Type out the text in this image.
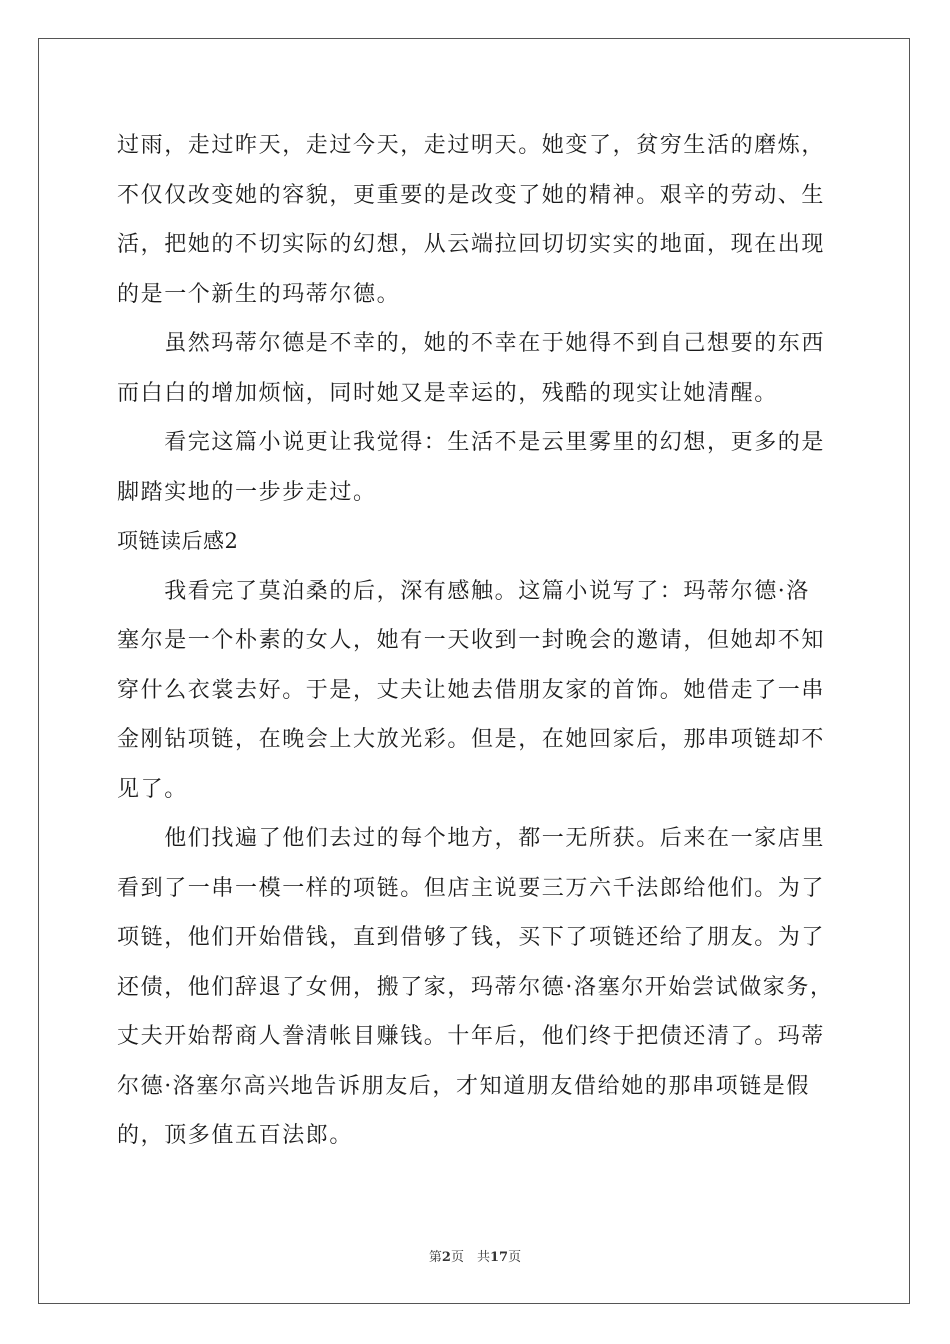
过雨，走过昨天，走过今天，走过明天。她变了，贫穷生活的磨炼，
不仅仅改变她的容貌，更重要的是改变了她的精神。艰辛的劳动、生
活，把她的不切实际的幻想，从云端拉回切切实实的地面，现在出现
的是一个新生的玛蒂尔德。
　　虽然玛蒂尔德是不幸的，她的不幸在于她得不到自己想要的东西
而白白的增加烦恼，同时她又是幸运的，残酷的现实让她清醒。
　　看完这篇小说更让我觉得：生活不是云里雾里的幻想，更多的是
脚踏实地的一步步走过。
项链读后感2
　　我看完了莫泊桑的后，深有感触。这篇小说写了：玛蒂尔德·洛
塞尔是一个朴素的女人，她有一天收到一封晚会的邀请，但她却不知
穿什么衣裳去好。于是，丈夫让她去借朋友家的首饰。她借走了一串
金刚钻项链，在晚会上大放光彩。但是，在她回家后，那串项链却不
见了。
　　他们找遍了他们去过的每个地方，都一无所获。后来在一家店里
看到了一串一模一样的项链。但店主说要三万六千法郎给他们。为了
项链，他们开始借钱，直到借够了钱，买下了项链还给了朋友。为了
还债，他们辞退了女佣，搬了家，玛蒂尔德·洛塞尔开始尝试做家务，
丈夫开始帮商人誊清帐目赚钱。十年后，他们终于把债还清了。玛蒂
尔德·洛塞尔高兴地告诉朋友后，才知道朋友借给她的那串项链是假
的，顶多值五百法郎。
第2页　共17页
